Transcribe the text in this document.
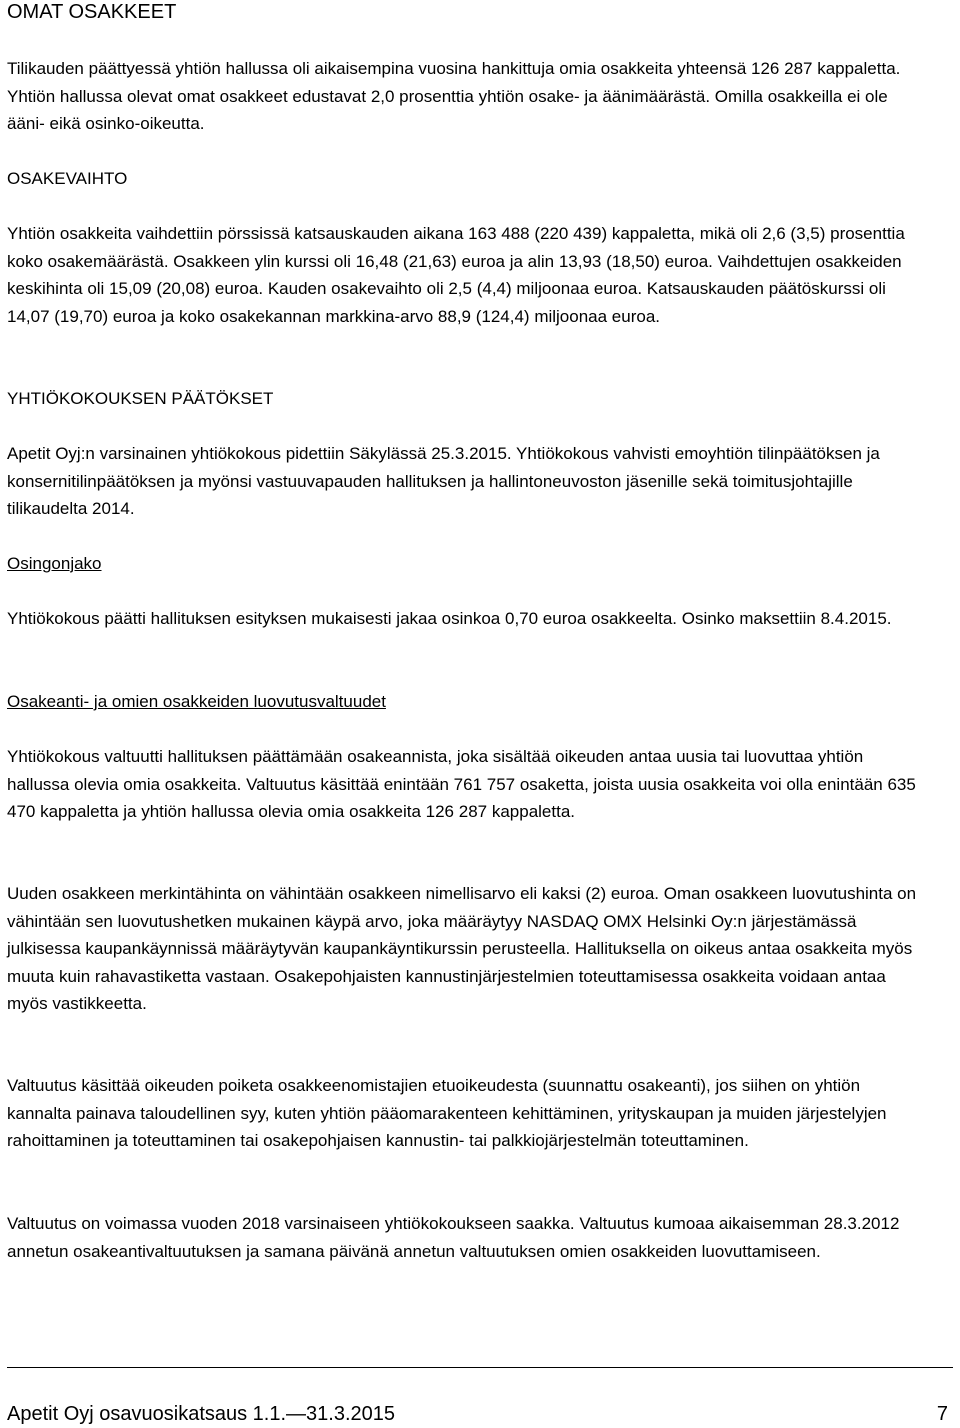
OMAT OSAKKEET

Tilikauden päättyessä yhtiön hallussa oli aikaisempina vuosina hankittuja omia osakkeita yhteensä 126 287 kappaletta. Yhtiön hallussa olevat omat osakkeet edustavat 2,0 prosenttia yhtiön osake- ja äänimäärästä. Omilla osakkeilla ei ole ääni- eikä osinko-oikeutta.

OSAKEVAIHTO

Yhtiön osakkeita vaihdettiin pörssissä katsauskauden aikana 163 488 (220 439) kappaletta, mikä oli 2,6 (3,5) prosenttia koko osakemäärästä. Osakkeen ylin kurssi oli 16,48 (21,63) euroa ja alin 13,93 (18,50) euroa. Vaihdettujen osakkeiden keskihinta oli 15,09 (20,08) euroa. Kauden osakevaihto oli 2,5 (4,4) miljoonaa euroa. Katsauskauden päätöskurssi oli 14,07 (19,70) euroa ja koko osakekannan markkina-arvo 88,9 (124,4) miljoonaa euroa.

YHTIÖKOKOUKSEN PÄÄTÖKSET

Apetit Oyj:n varsinainen yhtiökokous pidettiin Säkylässä 25.3.2015. Yhtiökokous vahvisti emoyhtiön tilinpäätöksen ja konsernitilinpäätöksen ja myönsi vastuuvapauden hallituksen ja hallintoneuvoston jäsenille sekä toimitusjohtajille tilikaudelta 2014.

Osingonjako

Yhtiökokous päätti hallituksen esityksen mukaisesti jakaa osinkoa 0,70 euroa osakkeelta. Osinko maksettiin 8.4.2015.

Osakeanti- ja omien osakkeiden luovutusvaltuudet

Yhtiökokous valtuutti hallituksen päättämään osakeannista, joka sisältää oikeuden antaa uusia tai luovuttaa yhtiön hallussa olevia omia osakkeita. Valtuutus käsittää enintään 761 757 osaketta, joista uusia osakkeita voi olla enintään 635 470 kappaletta ja yhtiön hallussa olevia omia osakkeita 126 287 kappaletta.

Uuden osakkeen merkintähinta on vähintään osakkeen nimellisarvo eli kaksi (2) euroa. Oman osakkeen luovutushinta on vähintään sen luovutushetken mukainen käypä arvo, joka määräytyy NASDAQ OMX Helsinki Oy:n järjestämässä julkisessa kaupankäynnissä määräytyvän kaupankäyntikurssin perusteella. Hallituksella on oikeus antaa osakkeita myös muuta kuin rahavastiketta vastaan. Osakepohjaisten kannustinjärjestelmien toteuttamisessa osakkeita voidaan antaa myös vastikkeetta.

Valtuutus käsittää oikeuden poiketa osakkeenomistajien etuoikeudesta (suunnattu osakeanti), jos siihen on yhtiön kannalta painava taloudellinen syy, kuten yhtiön pääomarakenteen kehittäminen, yrityskaupan ja muiden järjestelyjen rahoittaminen ja toteuttaminen tai osakepohjaisen kannustin- tai palkkiojärjestelmän toteuttaminen.

Valtuutus on voimassa vuoden 2018 varsinaiseen yhtiökokoukseen saakka. Valtuutus kumoaa aikaisemman 28.3.2012 annetun osakeantivaltuutuksen ja samana päivänä annetun valtuutuksen omien osakkeiden luovuttamiseen.

Apetit Oyj osavuosikatsaus 1.1.—31.3.2015	7
